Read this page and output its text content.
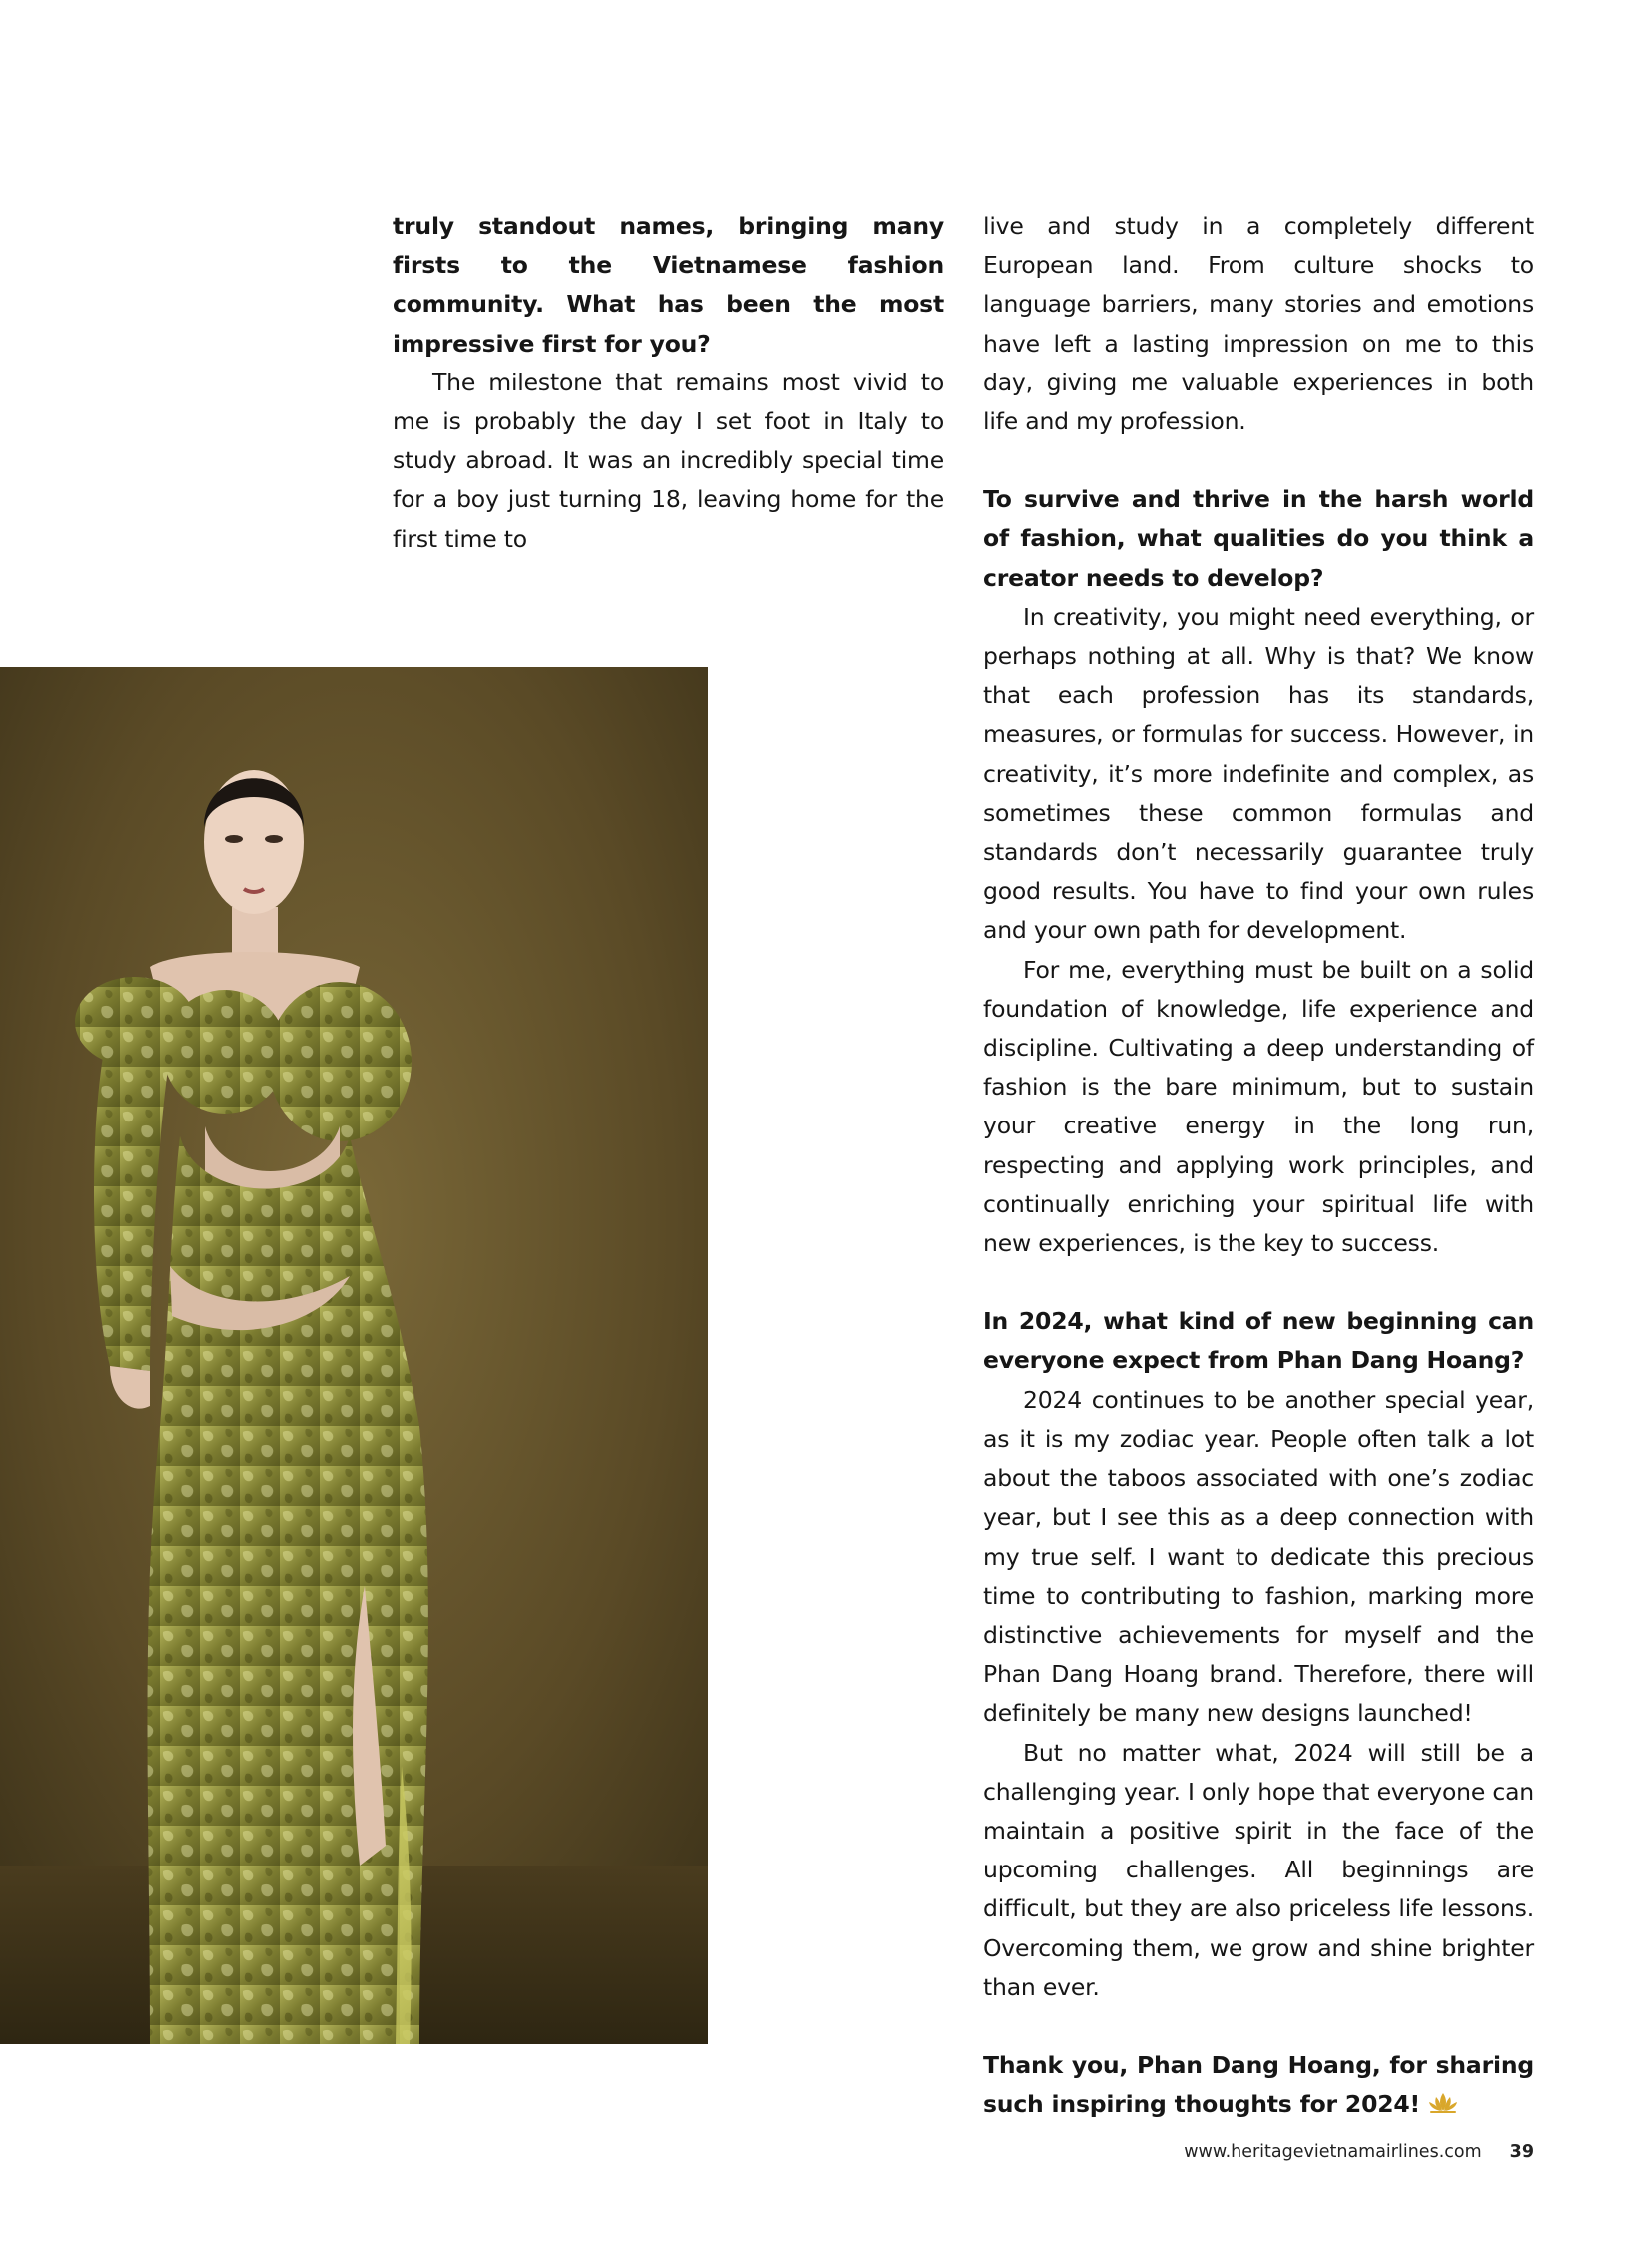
truly standout names, bringing many firsts to the Vietnamese fashion community. What has been the most impressive first for you?

The milestone that remains most vivid to me is probably the day I set foot in Italy to study abroad. It was an incredibly special time for a boy just turning 18, leaving home for the first time to

live and study in a completely different European land. From culture shocks to language barriers, many stories and emotions have left a lasting impression on me to this day, giving me valuable experiences in both life and my profession.

To survive and thrive in the harsh world of fashion, what qualities do you think a creator needs to develop?

In creativity, you might need everything, or perhaps nothing at all. Why is that? We know that each profession has its standards, measures, or formulas for success. However, in creativity, it’s more indefinite and complex, as sometimes these common formulas and standards don’t necessarily guarantee truly good results. You have to find your own rules and your own path for development.

For me, everything must be built on a solid foundation of knowledge, life experience and discipline. Cultivating a deep understanding of fashion is the bare minimum, but to sustain your creative energy in the long run, respecting and applying work principles, and continually enriching your spiritual life with new experiences, is the key to success.

In 2024, what kind of new beginning can everyone expect from Phan Dang Hoang?

2024 continues to be another special year, as it is my zodiac year. People often talk a lot about the taboos associated with one’s zodiac year, but I see this as a deep connection with my true self. I want to dedicate this precious time to contributing to fashion, marking more distinctive achievements for myself and the Phan Dang Hoang brand. Therefore, there will definitely be many new designs launched!

But no matter what, 2024 will still be a challenging year. I only hope that everyone can maintain a positive spirit in the face of the upcoming challenges. All beginnings are difficult, but they are also priceless life lessons. Overcoming them, we grow and shine brighter than ever.

Thank you, Phan Dang Hoang, for sharing such inspiring thoughts for 2024!

www.heritagevietnamairlines.com 39
